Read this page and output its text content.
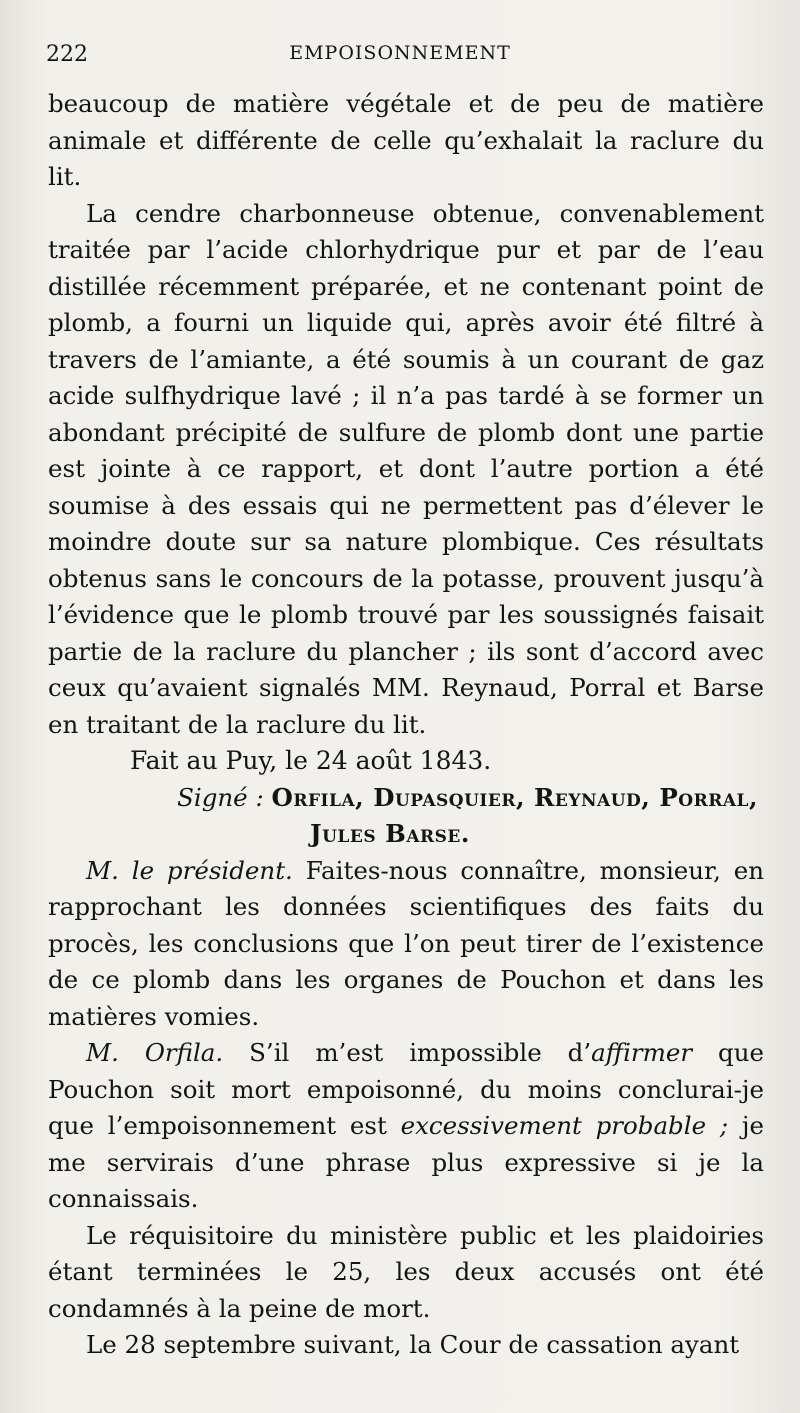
222	EMPOISONNEMENT

beaucoup de matière végétale et de peu de matière animale et différente de celle qu’exhalait la raclure du lit.

La cendre charbonneuse obtenue, convenablement traitée par l’acide chlorhydrique pur et par de l’eau distillée récemment préparée, et ne contenant point de plomb, a fourni un liquide qui, après avoir été filtré à travers de l’amiante, a été soumis à un courant de gaz acide sulfhydrique lavé ; il n’a pas tardé à se former un abondant précipité de sulfure de plomb dont une partie est jointe à ce rapport, et dont l’autre portion a été soumise à des essais qui ne permettent pas d’élever le moindre doute sur sa nature plombique. Ces résultats obtenus sans le concours de la potasse, prouvent jusqu’à l’évidence que le plomb trouvé par les soussignés faisait partie de la raclure du plancher ; ils sont d’accord avec ceux qu’avaient signalés MM. Reynaud, Porral et Barse en traitant de la raclure du lit.

Fait au Puy, le 24 août 1843.

Signé : Orfila, Dupasquier, Reynaud, Porral,

Jules Barse.

M. le président. Faites-nous connaître, monsieur, en rapprochant les données scientifiques des faits du procès, les conclusions que l’on peut tirer de l’existence de ce plomb dans les organes de Pouchon et dans les matières vomies.

M. Orfila. S’il m’est impossible d’affirmer que Pouchon soit mort empoisonné, du moins conclurai-je que l’empoisonnement est excessivement probable ; je me servirais d’une phrase plus expressive si je la connaissais.

Le réquisitoire du ministère public et les plaidoiries étant terminées le 25, les deux accusés ont été condamnés à la peine de mort.

Le 28 septembre suivant, la Cour de cassation ayant
